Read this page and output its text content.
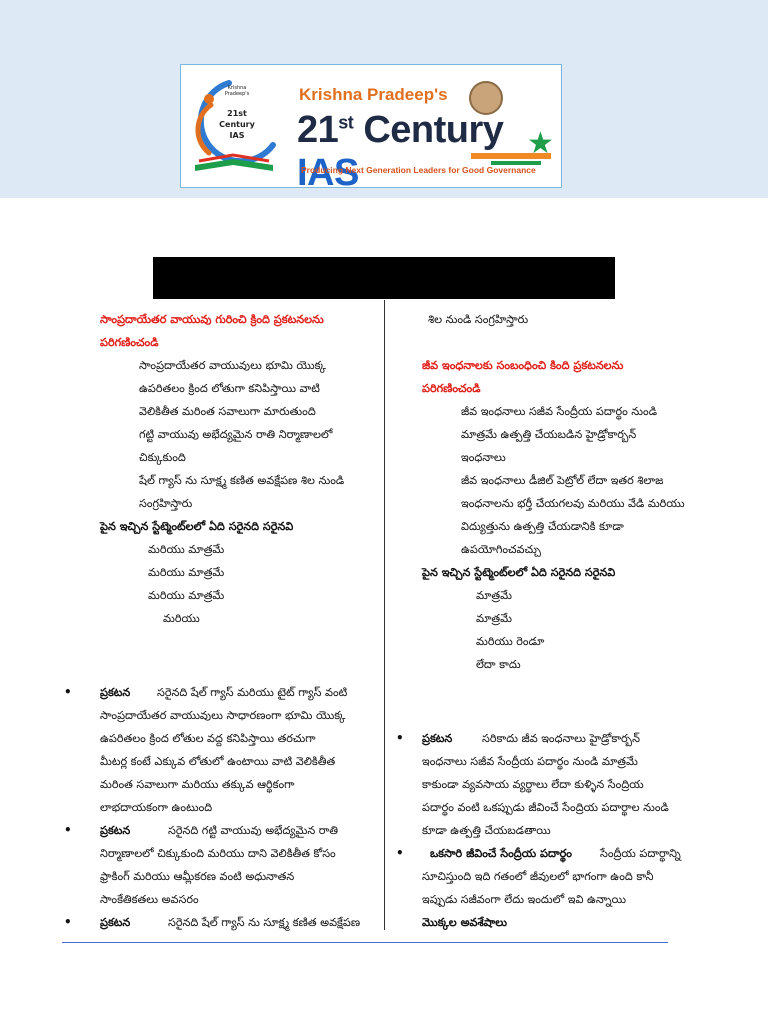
Krishna
Pradeep's
21st
Century
IAS
Krishna Pradeep's
21st Century IAS
★
Producing Next Generation Leaders for Good Governance
సాంప్రదాయేతర వాయువు గురించి క్రింది ప్రకటనలను
పరిగణించండి
సాంప్రదాయేతర వాయువులు భూమి యొక్క
ఉపరితలం క్రింద లోతుగా కనిపిస్తాయి వాటి
వెలికితీత మరింత సవాలుగా మారుతుంది
గట్టి వాయువు అభేద్యమైన రాతి నిర్మాణాలలో
చిక్కుకుంది
షేల్ గ్యాస్ ను సూక్ష్మ కణిత అవక్షేపణ శిల నుండి
సంగ్రహిస్తారు
పైన ఇచ్చిన స్టేట్మెంట్‌లలో ఏది సరైనది సరైనవి
మరియు మాత్రమే
మరియు మాత్రమే
మరియు మాత్రమే
మరియు
•	ప్రకటన సరైనది షేల్ గ్యాస్ మరియు టైట్ గ్యాస్ వంటి
సాంప్రదాయేతర వాయువులు సాధారణంగా భూమి యొక్క
ఉపరితలం క్రింద లోతుల వద్ద కనిపిస్తాయి తరచుగా
మీటర్ల కంటే ఎక్కువ లోతులో ఉంటాయి వాటి వెలికితీత
మరింత సవాలుగా మరియు తక్కువ ఆర్థికంగా
లాభదాయకంగా ఉంటుంది
•	ప్రకటన	సరైనది గట్టి వాయువు అభేద్యమైన రాతి
నిర్మాణాలలో చిక్కుకుంది మరియు దాని వెలికితీత కోసం
ఫ్రాకింగ్ మరియు ఆమ్లీకరణ వంటి అధునాతన
సాంకేతికతలు అవసరం
•	ప్రకటన	సరైనది షేల్ గ్యాస్ ను సూక్ష్మ కణిత అవక్షేపణ
శిల నుండి సంగ్రహిస్తారు
జీవ ఇంధనాలకు సంబంధించి కింది ప్రకటనలను
పరిగణించండి
జీవ ఇంధనాలు సజీవ సేంద్రీయ పదార్థం నుండి
మాత్రమే ఉత్పత్తి చేయబడిన హైడ్రోకార్బన్
ఇంధనాలు
జీవ ఇంధనాలు డీజిల్ పెట్రోల్ లేదా ఇతర శిలాజ
ఇంధనాలను భర్తీ చేయగలవు మరియు వేడి మరియు
విద్యుత్తును ఉత్పత్తి చేయడానికి కూడా
ఉపయోగించవచ్చు
పైన ఇచ్చిన స్టేట్మెంట్‌లలో ఏది సరైనది సరైనవి
మాత్రమే
మాత్రమే
మరియు రెండూ
లేదా కాదు
• ప్రకటన	సరికాదు జీవ ఇంధనాలు హైడ్రోకార్బన్
ఇంధనాలు సజీవ సేంద్రీయ పదార్థం నుండి మాత్రమే
కాకుండా వ్యవసాయ వ్యర్థాలు లేదా కుళ్ళిన సేంద్రియ
పదార్థం వంటి ఒకప్పుడు జీవించే సేంద్రియ పదార్థాల నుండి
కూడా ఉత్పత్తి చేయబడతాయి
• ఒకసారి జీవించే సేంద్రీయ పదార్థం	సేంద్రీయ పదార్థాన్ని
సూచిస్తుంది ఇది గతంలో జీవులలో భాగంగా ఉంది కానీ
ఇప్పుడు సజీవంగా లేదు ఇందులో ఇవి ఉన్నాయి
మొక్కల అవశేషాలు
